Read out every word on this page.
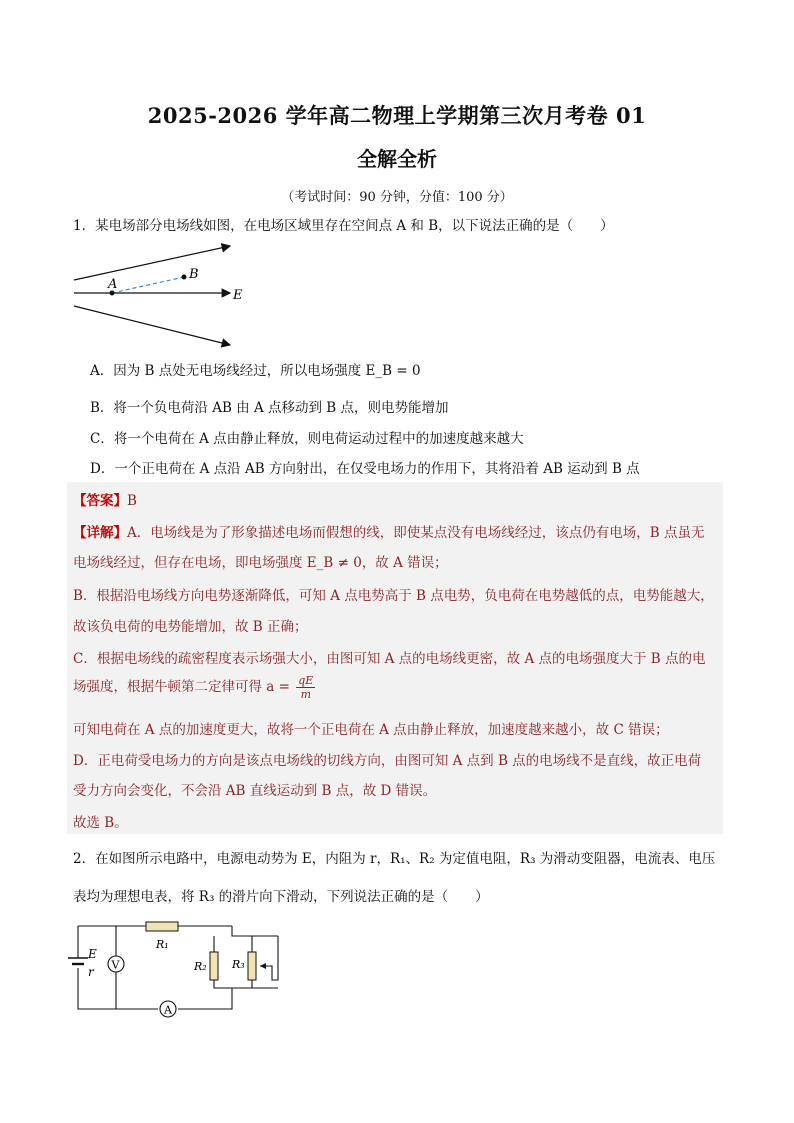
2025-2026 学年高二物理上学期第三次月考卷 01
全解全析
（考试时间：90 分钟，分值：100 分）
1．某电场部分电场线如图，在电场区域里存在空间点 A 和 B，以下说法正确的是（　　）
A
B
E
A．因为 B 点处无电场线经过，所以电场强度 E_B = 0
B．将一个负电荷沿 AB 由 A 点移动到 B 点，则电势能增加
C．将一个电荷在 A 点由静止释放，则电荷运动过程中的加速度越来越大
D．一个正电荷在 A 点沿 AB 方向射出，在仅受电场力的作用下，其将沿着 AB 运动到 B 点
【答案】B
【详解】A．电场线是为了形象描述电场而假想的线，即使某点没有电场线经过，该点仍有电场，B 点虽无
电场线经过，但存在电场，即电场强度 E_B ≠ 0，故 A 错误；
B．根据沿电场线方向电势逐渐降低，可知 A 点电势高于 B 点电势，负电荷在电势越低的点，电势能越大，
故该负电荷的电势能增加，故 B 正确；
C．根据电场线的疏密程度表示场强大小，由图可知 A 点的电场线更密，故 A 点的电场强度大于 B 点的电
场强度，根据牛顿第二定律可得 $a = \frac{qE}{m}$
可知电荷在 A 点的加速度更大，故将一个正电荷在 A 点由静止释放，加速度越来越小，故 C 错误；
D．正电荷受电场力的方向是该点电场线的切线方向，由图可知 A 点到 B 点的电场线不是直线，故正电荷
受力方向会变化，不会沿 AB 直线运动到 B 点，故 D 错误。
故选 B。
2．在如图所示电路中，电源电动势为 E，内阻为 r，R₁、R₂ 为定值电阻，R₃ 为滑动变阻器，电流表、电压
表均为理想电表，将 R₃ 的滑片向下滑动，下列说法正确的是（　　）
V
A
E
r
R₁
R₂ R₃
